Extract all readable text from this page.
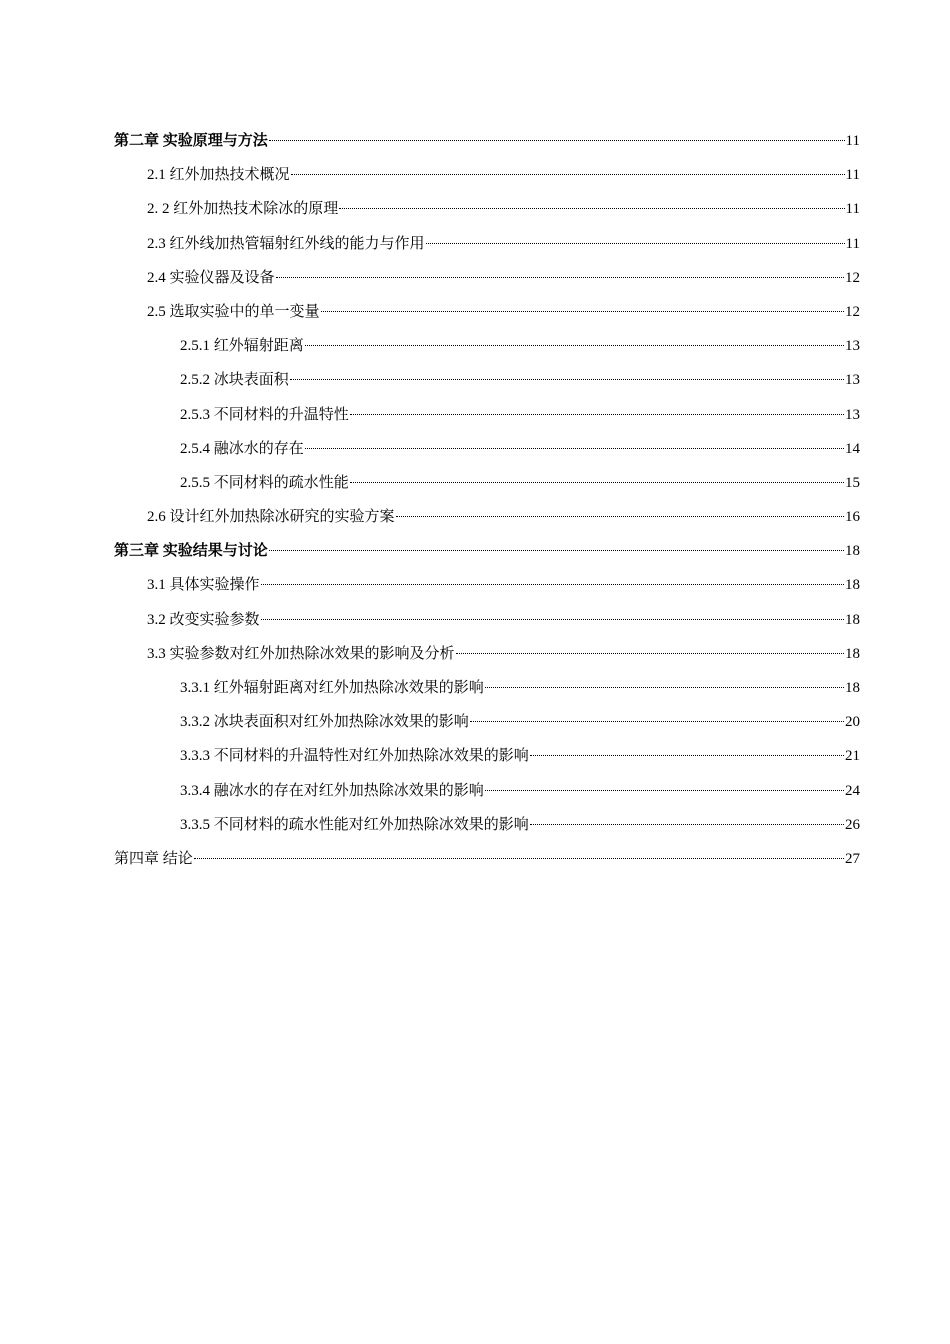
第二章 实验原理与方法	11
2.1 红外加热技术概况	11
2. 2 红外加热技术除冰的原理	11
2.3 红外线加热管辐射红外线的能力与作用	11
2.4 实验仪器及设备	12
2.5 选取实验中的单一变量	12
2.5.1 红外辐射距离	13
2.5.2 冰块表面积	13
2.5.3 不同材料的升温特性	13
2.5.4 融冰水的存在	14
2.5.5 不同材料的疏水性能	15
2.6 设计红外加热除冰研究的实验方案	16
第三章 实验结果与讨论	18
3.1 具体实验操作	18
3.2 改变实验参数	18
3.3 实验参数对红外加热除冰效果的影响及分析	18
3.3.1 红外辐射距离对红外加热除冰效果的影响	18
3.3.2 冰块表面积对红外加热除冰效果的影响	20
3.3.3 不同材料的升温特性对红外加热除冰效果的影响	21
3.3.4 融冰水的存在对红外加热除冰效果的影响	24
3.3.5 不同材料的疏水性能对红外加热除冰效果的影响	26
第四章 结论	27
